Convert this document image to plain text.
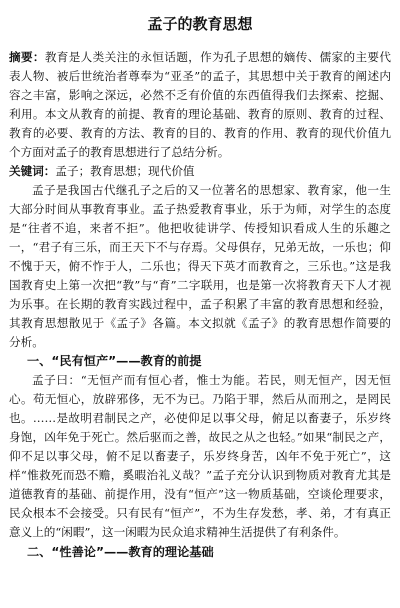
孟子的教育思想

摘要：教育是人类关注的永恒话题，作为孔子思想的嫡传、儒家的主要代表人物、被后世统治者尊奉为“亚圣”的孟子，其思想中关于教育的阐述内容之丰富，影响之深远，必然不乏有价值的东西值得我们去探索、挖掘、利用。本文从教育的前提、教育的理论基础、教育的原则、教育的过程、教育的必要、教育的方法、教育的目的、教育的作用、教育的现代价值九个方面对孟子的教育思想进行了总结分析。

关键词：孟子；教育思想；现代价值

孟子是我国古代继孔子之后的又一位著名的思想家、教育家，他一生大部分时间从事教育事业。孟子热爱教育事业，乐于为师，对学生的态度是“往者不追，来者不拒”。他把收徒讲学、传授知识看成人生的乐趣之一，“君子有三乐，而王天下不与存焉。父母俱存，兄弟无故，一乐也；仰不愧于天，俯不怍于人，二乐也；得天下英才而教育之，三乐也。”这是我国教育史上第一次把“教”与“育”二字联用，也是第一次将教育天下人才视为乐事。在长期的教育实践过程中，孟子积累了丰富的教育思想和经验，其教育思想散见于《孟子》各篇。本文拟就《孟子》的教育思想作简要的分析。

一、“民有恒产”——教育的前提

孟子曰：“无恒产而有恒心者，惟士为能。若民，则无恒产，因无恒心。苟无恒心，放辟邪侈，无不为已。乃陷于罪，然后从而刑之，是罔民也。……是故明君制民之产，必使仰足以事父母，俯足以畜妻子，乐岁终身饱，凶年免于死亡。然后驱而之善，故民之从之也轻。”如果“制民之产，仰不足以事父母，俯不足以畜妻子，乐岁终身苦，凶年不免于死亡”，这样“惟救死而恐不赡，奚暇治礼义哉？”孟子充分认识到物质对教育尤其是道德教育的基础、前提作用，没有“恒产”这一物质基础，空谈伦理要求，民众根本不会接受。只有民有“恒产”，不为生存发愁，孝、弟，才有真正意义上的“闲暇”，这一闲暇为民众追求精神生活提供了有利条件。

二、“性善论”——教育的理论基础
